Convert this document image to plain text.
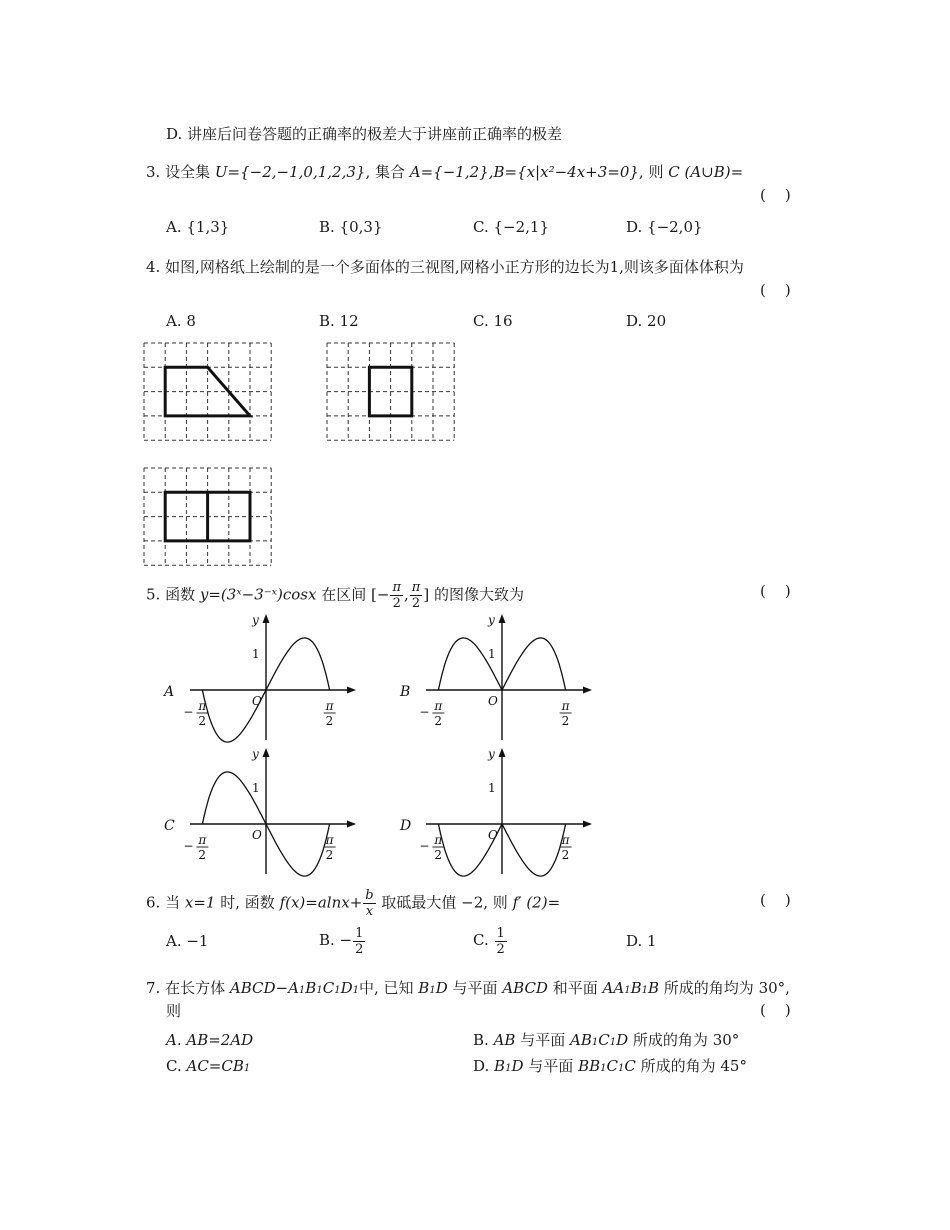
D. 讲座后问卷答题的正确率的极差大于讲座前正确率的极差
3. 设全集 U={−2,−1,0,1,2,3}, 集合 A={−1,2},B={x|x²−4x+3=0}, 则 C (A∪B)=
(    )
A. {1,3}	B. {0,3}	C. {−2,1}	D. {−2,0}
4. 如图,网格纸上绘制的是一个多面体的三视图,网格小正方形的边长为1,则该多面体体积为
(    )
A. 8	B. 12	C. 16	D. 20
5. 函数 y=(3ˣ−3⁻ˣ)cosx 在区间 [− $\frac{\pi}{2}$ , $\frac{\pi}{2}$ ] 的图像大致为	(    )
A
y
O
1
− π
2
π
2
B
y
O
1
− π
2
π
2
C
y
O
1
− π
2
π
2
D
y
O
1
− π
2
π
2
6. 当 x=1 时, 函数 $f(x)=alnx+ \frac{b}{x}$ 取砥最大值 −2, 则 f′ (2)=	(    )
A. −1	B. − $\frac{1}{2}$	C. $\frac{1}{2}$	D. 1
7. 在长方体 ABCD−A1B1C1D1中, 已知 B1D 与平面 ABCD 和平面 AA1B1B 所成的角均为 30°,
则	(    )
A. AB=2AD	B. AB 与平面 AB1C1D 所成的角为 30°
C. AC=CB1	D. B1D 与平面 BB1C1C 所成的角为 45°
